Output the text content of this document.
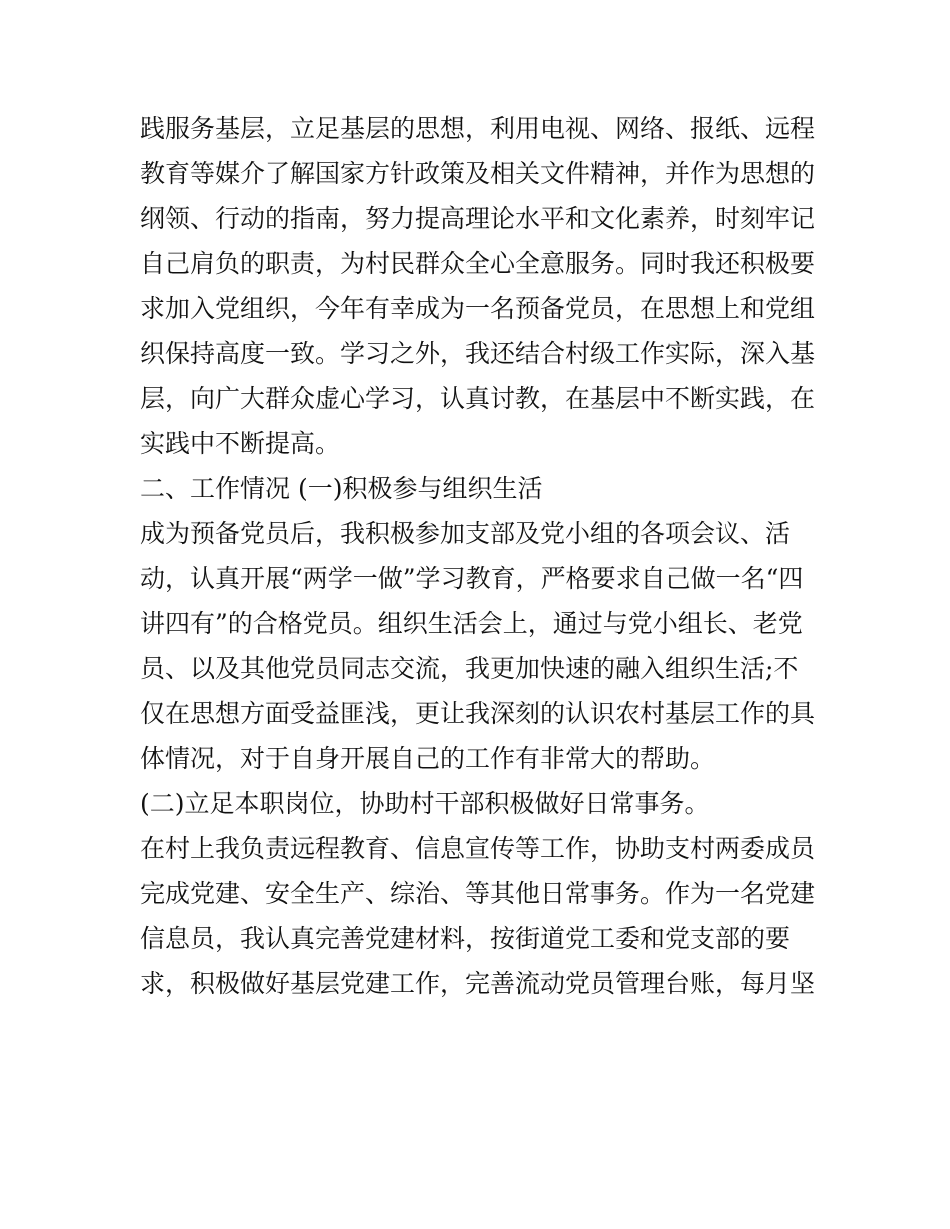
践服务基层，立足基层的思想，利用电视、网络、报纸、远程
教育等媒介了解国家方针政策及相关文件精神，并作为思想的
纲领、行动的指南，努力提高理论水平和文化素养，时刻牢记
自己肩负的职责，为村民群众全心全意服务。同时我还积极要
求加入党组织，今年有幸成为一名预备党员，在思想上和党组
织保持高度一致。学习之外，我还结合村级工作实际，深入基
层，向广大群众虚心学习，认真讨教，在基层中不断实践，在
实践中不断提高。
二、工作情况 (一)积极参与组织生活
成为预备党员后，我积极参加支部及党小组的各项会议、活
动，认真开展“两学一做”学习教育，严格要求自己做一名“四
讲四有”的合格党员。组织生活会上，通过与党小组长、老党
员、以及其他党员同志交流，我更加快速的融入组织生活;不
仅在思想方面受益匪浅，更让我深刻的认识农村基层工作的具
体情况，对于自身开展自己的工作有非常大的帮助。
(二)立足本职岗位，协助村干部积极做好日常事务。
在村上我负责远程教育、信息宣传等工作，协助支村两委成员
完成党建、安全生产、综治、等其他日常事务。作为一名党建
信息员，我认真完善党建材料，按街道党工委和党支部的要
求，积极做好基层党建工作，完善流动党员管理台账，每月坚
